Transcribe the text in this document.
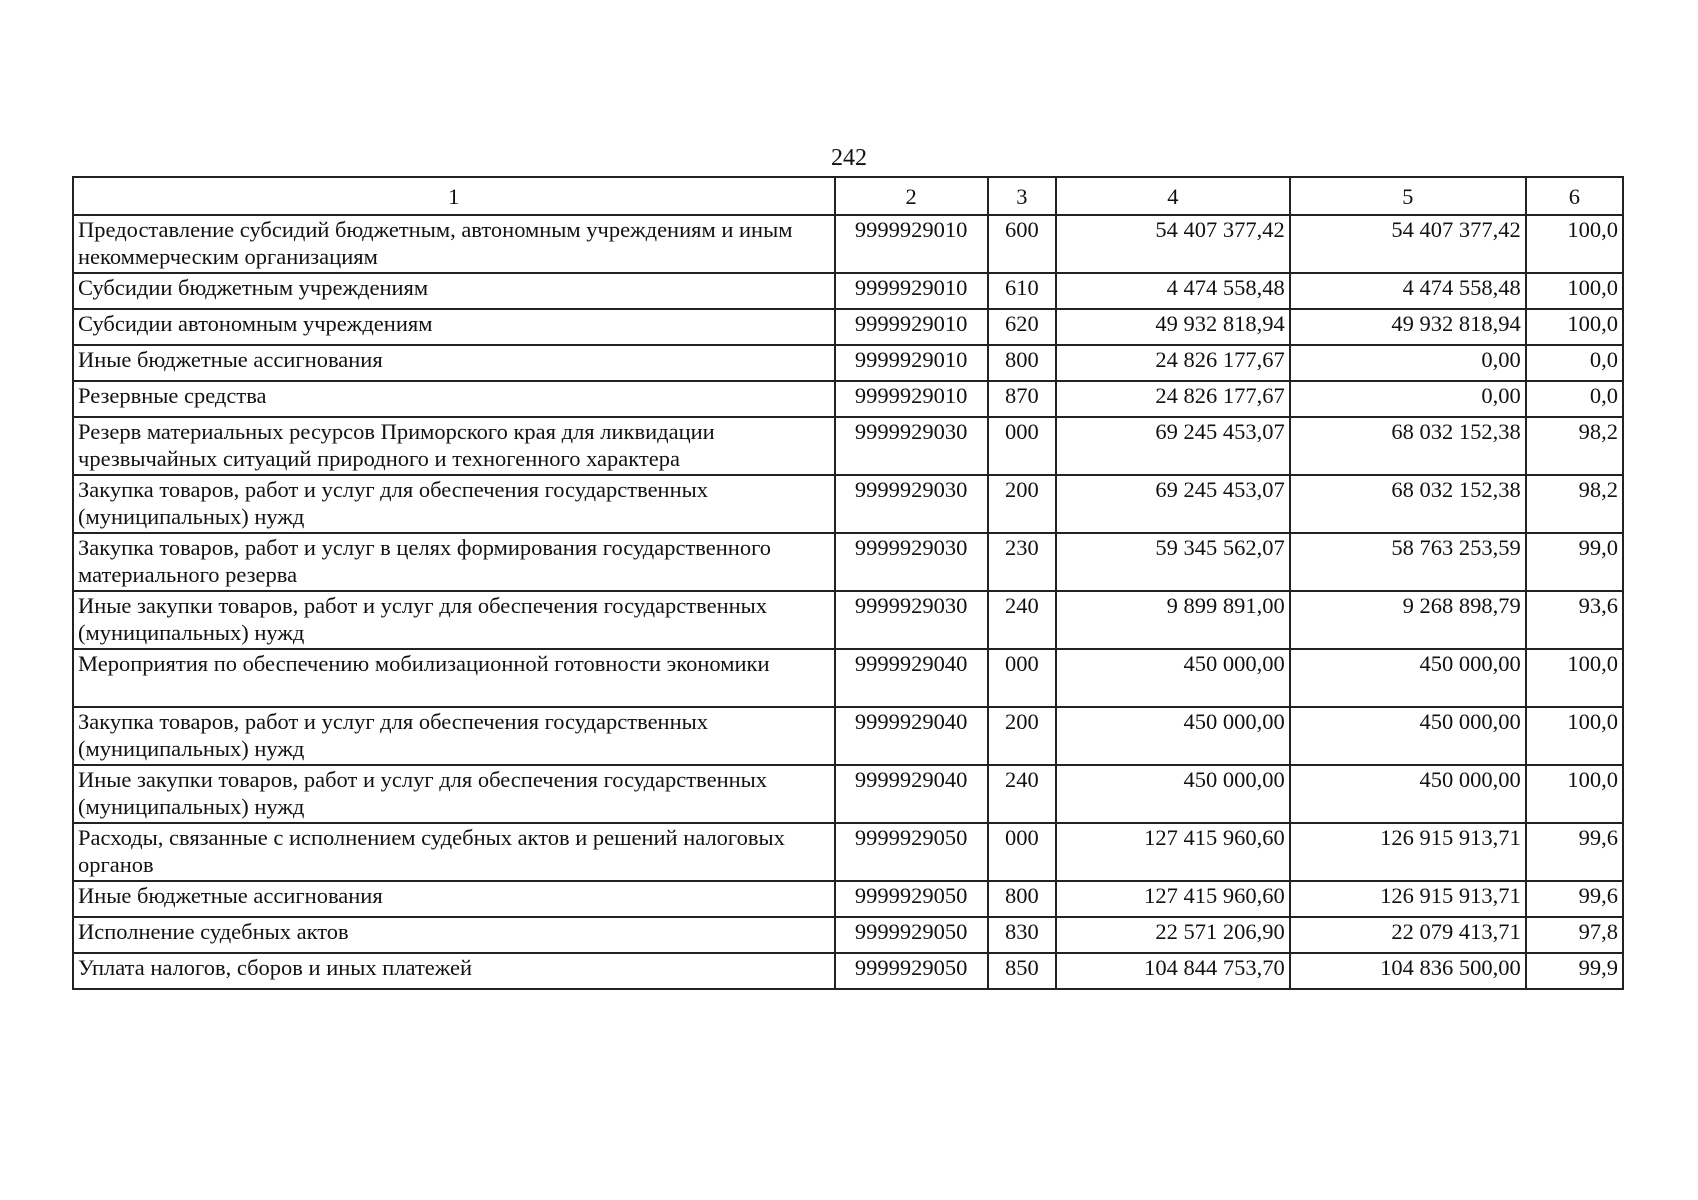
242
1	2	3	4	5	6
Предоставление субсидий бюджетным, автономным учреждениям и иным некоммерческим организациям	9999929010	600	54 407 377,42	54 407 377,42	100,0
Субсидии бюджетным учреждениям	9999929010	610	4 474 558,48	4 474 558,48	100,0
Субсидии автономным учреждениям	9999929010	620	49 932 818,94	49 932 818,94	100,0
Иные бюджетные ассигнования	9999929010	800	24 826 177,67	0,00	0,0
Резервные средства	9999929010	870	24 826 177,67	0,00	0,0
Резерв материальных ресурсов Приморского края для ликвидации чрезвычайных ситуаций природного и техногенного характера	9999929030	000	69 245 453,07	68 032 152,38	98,2
Закупка товаров, работ и услуг для обеспечения государственных (муниципальных) нужд	9999929030	200	69 245 453,07	68 032 152,38	98,2
Закупка товаров, работ и услуг в целях формирования государственного материального резерва	9999929030	230	59 345 562,07	58 763 253,59	99,0
Иные закупки товаров, работ и услуг для обеспечения государственных (муниципальных) нужд	9999929030	240	9 899 891,00	9 268 898,79	93,6
Мероприятия по обеспечению мобилизационной готовности экономики	9999929040	000	450 000,00	450 000,00	100,0
Закупка товаров, работ и услуг для обеспечения государственных (муниципальных) нужд	9999929040	200	450 000,00	450 000,00	100,0
Иные закупки товаров, работ и услуг для обеспечения государственных (муниципальных) нужд	9999929040	240	450 000,00	450 000,00	100,0
Расходы, связанные с исполнением судебных актов и решений налоговых органов	9999929050	000	127 415 960,60	126 915 913,71	99,6
Иные бюджетные ассигнования	9999929050	800	127 415 960,60	126 915 913,71	99,6
Исполнение судебных актов	9999929050	830	22 571 206,90	22 079 413,71	97,8
Уплата налогов, сборов и иных платежей	9999929050	850	104 844 753,70	104 836 500,00	99,9
